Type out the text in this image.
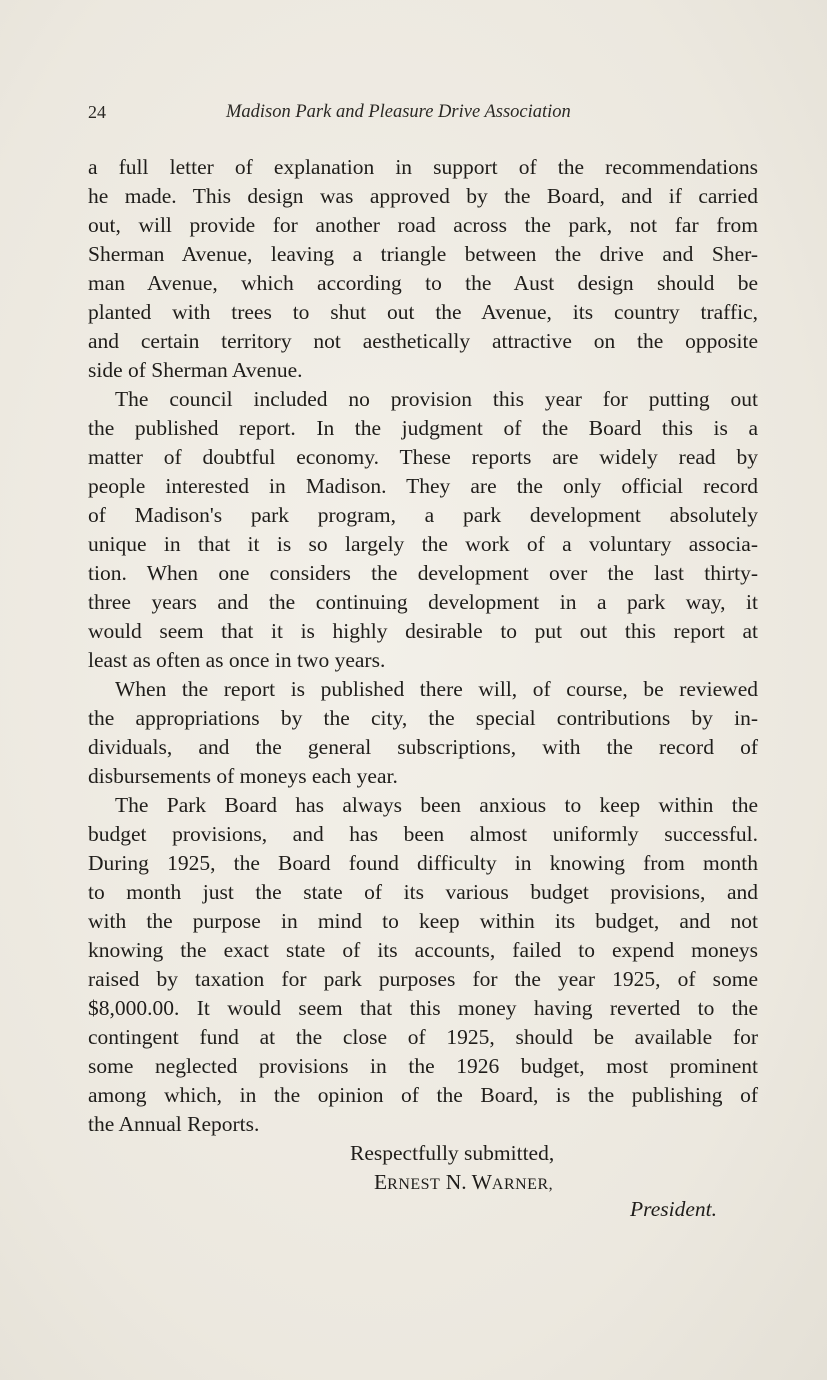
24	Madison Park and Pleasure Drive Association
a full letter of explanation in support of the recommendations
he made. This design was approved by the Board, and if carried
out, will provide for another road across the park, not far from
Sherman Avenue, leaving a triangle between the drive and Sher-
man Avenue, which according to the Aust design should be
planted with trees to shut out the Avenue, its country traffic,
and certain territory not aesthetically attractive on the opposite
side of Sherman Avenue.
The council included no provision this year for putting out
the published report. In the judgment of the Board this is a
matter of doubtful economy. These reports are widely read by
people interested in Madison. They are the only official record
of Madison's park program, a park development absolutely
unique in that it is so largely the work of a voluntary associa-
tion. When one considers the development over the last thirty-
three years and the continuing development in a park way, it
would seem that it is highly desirable to put out this report at
least as often as once in two years.
When the report is published there will, of course, be reviewed
the appropriations by the city, the special contributions by in-
dividuals, and the general subscriptions, with the record of
disbursements of moneys each year.
The Park Board has always been anxious to keep within the
budget provisions, and has been almost uniformly successful.
During 1925, the Board found difficulty in knowing from month
to month just the state of its various budget provisions, and
with the purpose in mind to keep within its budget, and not
knowing the exact state of its accounts, failed to expend moneys
raised by taxation for park purposes for the year 1925, of some
$8,000.00. It would seem that this money having reverted to the
contingent fund at the close of 1925, should be available for
some neglected provisions in the 1926 budget, most prominent
among which, in the opinion of the Board, is the publishing of
the Annual Reports.
Respectfully submitted,
ERNEST N. WARNER,
President.
